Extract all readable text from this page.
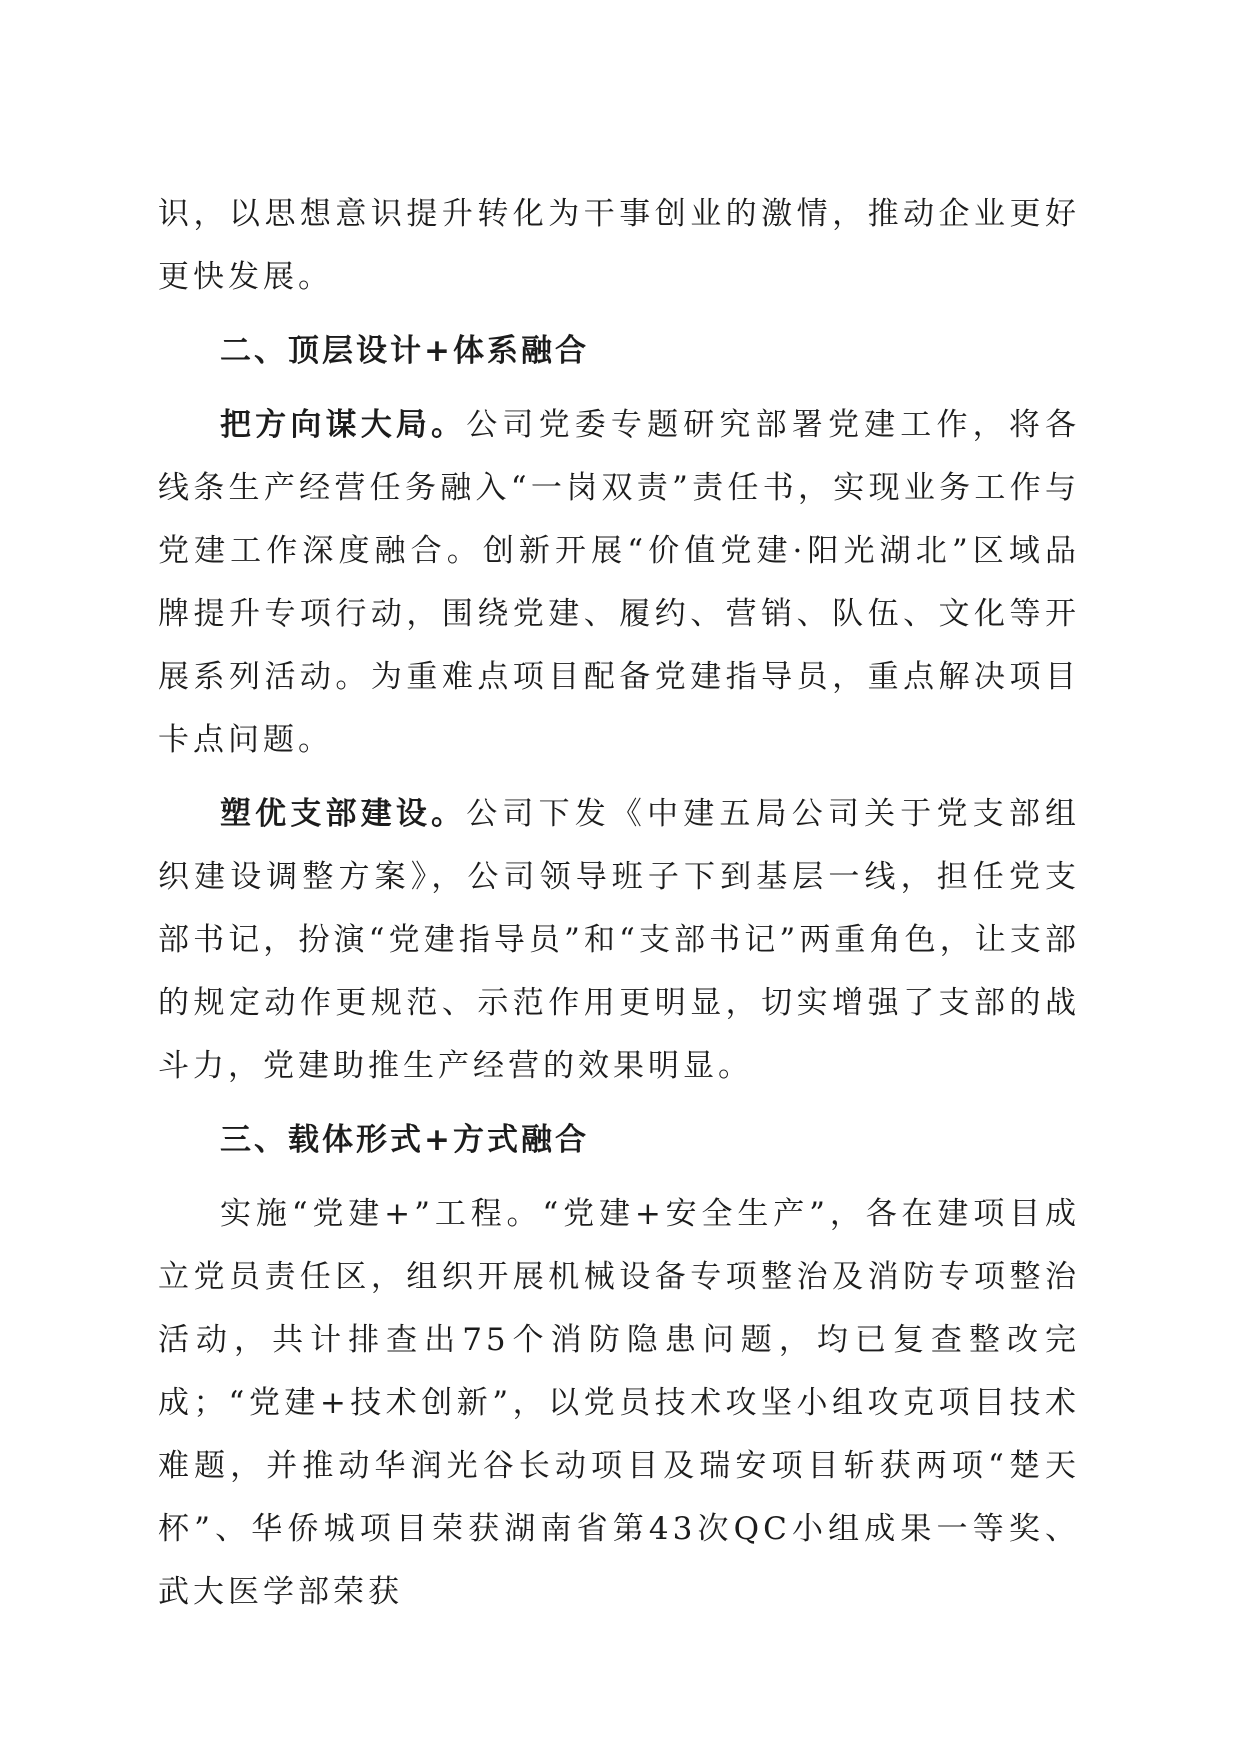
识，以思想意识提升转化为干事创业的激情，推动企业更好更快发展。

二、顶层设计+体系融合

把方向谋大局。公司党委专题研究部署党建工作，将各线条生产经营任务融入“一岗双责”责任书，实现业务工作与党建工作深度融合。创新开展“价值党建·阳光湖北”区域品牌提升专项行动，围绕党建、履约、营销、队伍、文化等开展系列活动。为重难点项目配备党建指导员，重点解决项目卡点问题。

塑优支部建设。公司下发《中建五局公司关于党支部组织建设调整方案》，公司领导班子下到基层一线，担任党支部书记，扮演“党建指导员”和“支部书记”两重角色，让支部的规定动作更规范、示范作用更明显，切实增强了支部的战斗力，党建助推生产经营的效果明显。

三、载体形式+方式融合

实施“党建+”工程。“党建+安全生产”，各在建项目成立党员责任区，组织开展机械设备专项整治及消防专项整治活动，共计排查出75个消防隐患问题，均已复查整改完成；“党建+技术创新”，以党员技术攻坚小组攻克项目技术难题，并推动华润光谷长动项目及瑞安项目斩获两项“楚天杯”、华侨城项目荣获湖南省第43次QC小组成果一等奖、武大医学部荣获
